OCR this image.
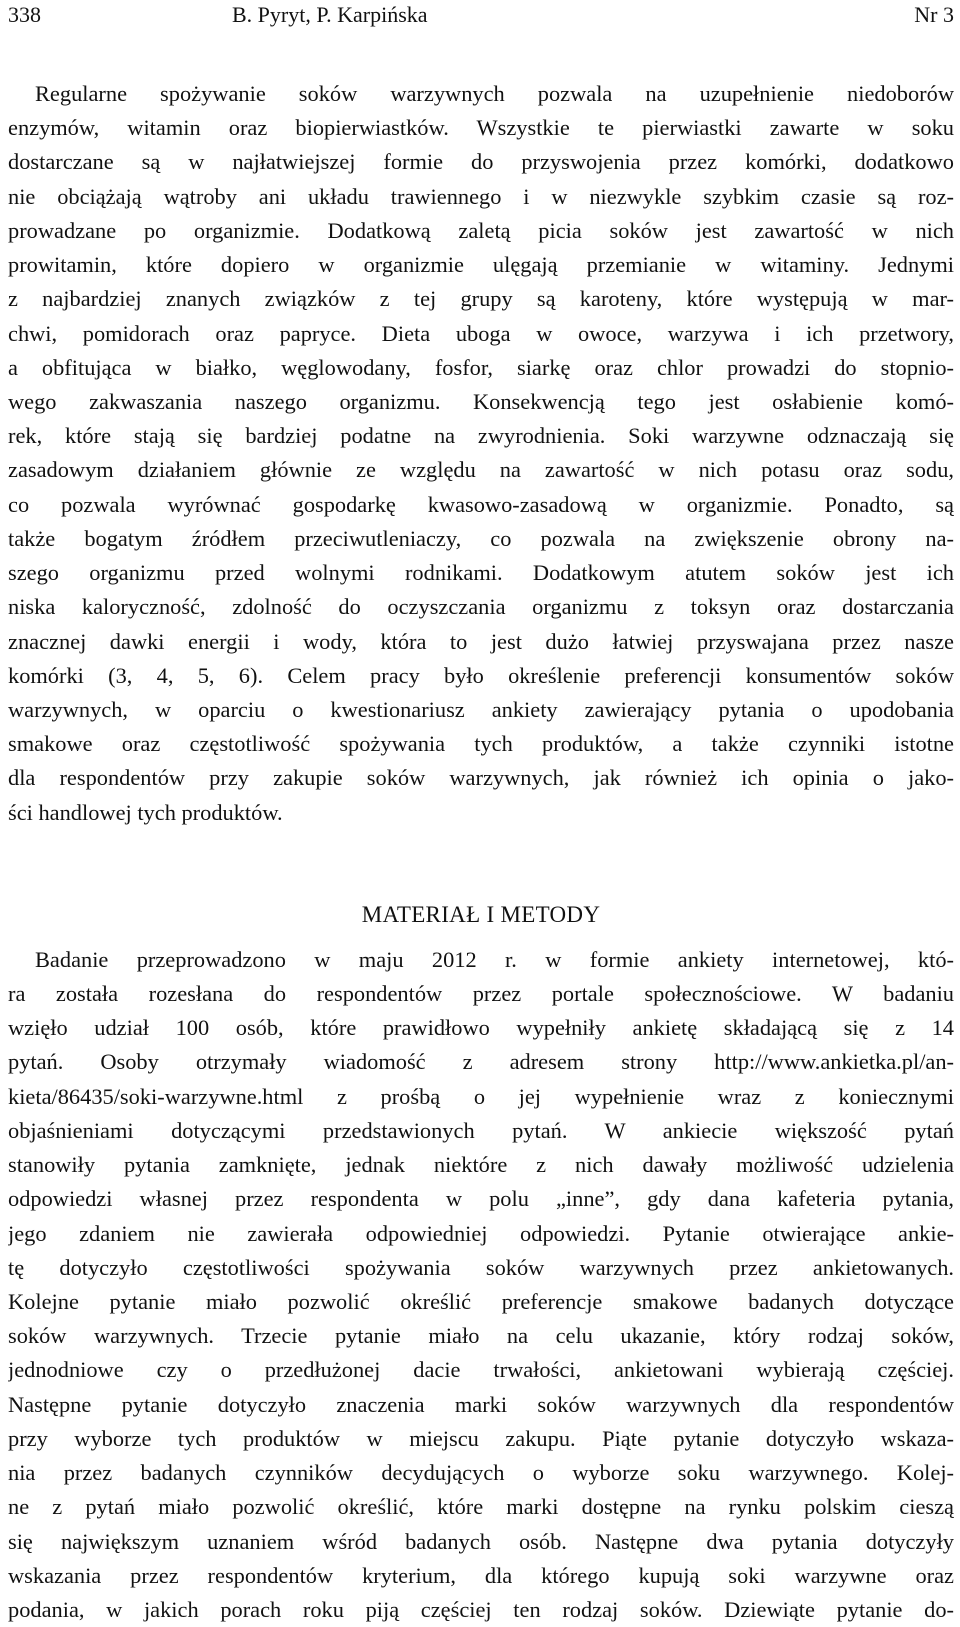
338	B. Pyryt, P. Karpińska	Nr 3
Regularne spożywanie soków warzywnych pozwala na uzupełnienie niedoborów
enzymów, witamin oraz biopierwiastków. Wszystkie te pierwiastki zawarte w soku
dostarczane są w najłatwiejszej formie do przyswojenia przez komórki, dodatkowo
nie obciążają wątroby ani układu trawiennego i w niezwykle szybkim czasie są roz-
prowadzane po organizmie. Dodatkową zaletą picia soków jest zawartość w nich
prowitamin, które dopiero w organizmie ulęgają przemianie w witaminy. Jednymi
z najbardziej znanych związków z tej grupy są karoteny, które występują w mar-
chwi, pomidorach oraz papryce. Dieta uboga w owoce, warzywa i ich przetwory,
a obfitująca w białko, węglowodany, fosfor, siarkę oraz chlor prowadzi do stopnio-
wego zakwaszania naszego organizmu. Konsekwencją tego jest osłabienie komó-
rek, które stają się bardziej podatne na zwyrodnienia. Soki warzywne odznaczają się
zasadowym działaniem głównie ze względu na zawartość w nich potasu oraz sodu,
co pozwala wyrównać gospodarkę kwasowo-zasadową w organizmie. Ponadto, są
także bogatym źródłem przeciwutleniaczy, co pozwala na zwiększenie obrony na-
szego organizmu przed wolnymi rodnikami. Dodatkowym atutem soków jest ich
niska kaloryczność, zdolność do oczyszczania organizmu z toksyn oraz dostarczania
znacznej dawki energii i wody, która to jest dużo łatwiej przyswajana przez nasze
komórki (3, 4, 5, 6). Celem pracy było określenie preferencji konsumentów soków
warzywnych, w oparciu o kwestionariusz ankiety zawierający pytania o upodobania
smakowe oraz częstotliwość spożywania tych produktów, a także czynniki istotne
dla respondentów przy zakupie soków warzywnych, jak również ich opinia o jako-
ści handlowej tych produktów.
MATERIAŁ I METODY
Badanie przeprowadzono w maju 2012 r. w formie ankiety internetowej, któ-
ra została rozesłana do respondentów przez portale społecznościowe. W badaniu
wzięło udział 100 osób, które prawidłowo wypełniły ankietę składającą się z 14
pytań. Osoby otrzymały wiadomość z adresem strony http://www.ankietka.pl/an-
kieta/86435/soki-warzywne.html z prośbą o jej wypełnienie wraz z koniecznymi
objaśnieniami dotyczącymi przedstawionych pytań. W ankiecie większość pytań
stanowiły pytania zamknięte, jednak niektóre z nich dawały możliwość udzielenia
odpowiedzi własnej przez respondenta w polu „inne”, gdy dana kafeteria pytania,
jego zdaniem nie zawierała odpowiedniej odpowiedzi. Pytanie otwierające ankie-
tę dotyczyło częstotliwości spożywania soków warzywnych przez ankietowanych.
Kolejne pytanie miało pozwolić określić preferencje smakowe badanych dotyczące
soków warzywnych. Trzecie pytanie miało na celu ukazanie, który rodzaj soków,
jednodniowe czy o przedłużonej dacie trwałości, ankietowani wybierają częściej.
Następne pytanie dotyczyło znaczenia marki soków warzywnych dla respondentów
przy wyborze tych produktów w miejscu zakupu. Piąte pytanie dotyczyło wskaza-
nia przez badanych czynników decydujących o wyborze soku warzywnego. Kolej-
ne z pytań miało pozwolić określić, które marki dostępne na rynku polskim cieszą
się największym uznaniem wśród badanych osób. Następne dwa pytania dotyczyły
wskazania przez respondentów kryterium, dla którego kupują soki warzywne oraz
podania, w jakich porach roku piją częściej ten rodzaj soków. Dziewiąte pytanie do-
